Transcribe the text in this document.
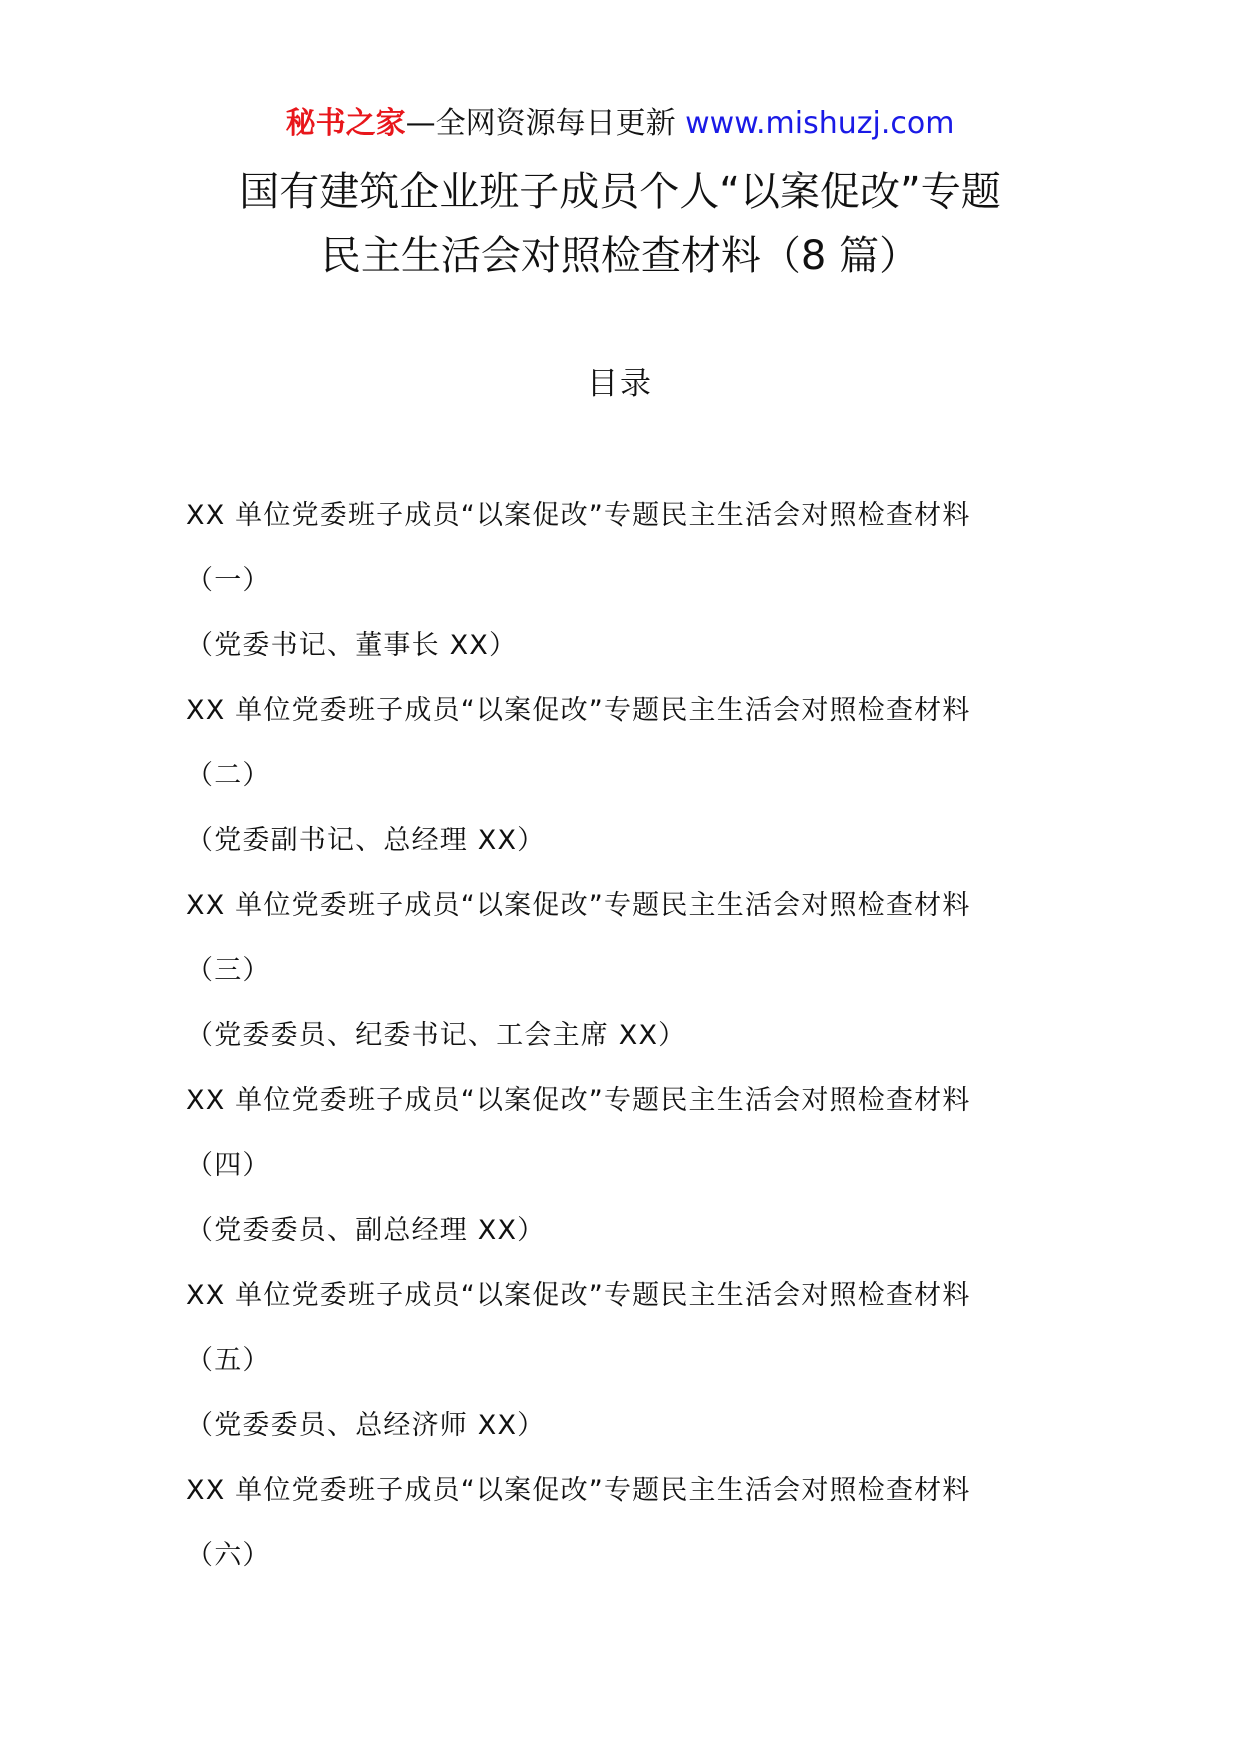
秘书之家—全网资源每日更新 www.mishuzj.com
国有建筑企业班子成员个人“以案促改”专题
民主生活会对照检查材料（8 篇）
目录
XX 单位党委班子成员“以案促改”专题民主生活会对照检查材料
（一）
（党委书记、董事长 XX）
XX 单位党委班子成员“以案促改”专题民主生活会对照检查材料
（二）
（党委副书记、总经理 XX）
XX 单位党委班子成员“以案促改”专题民主生活会对照检查材料
（三）
（党委委员、纪委书记、工会主席 XX）
XX 单位党委班子成员“以案促改”专题民主生活会对照检查材料
（四）
（党委委员、副总经理 XX）
XX 单位党委班子成员“以案促改”专题民主生活会对照检查材料
（五）
（党委委员、总经济师 XX）
XX 单位党委班子成员“以案促改”专题民主生活会对照检查材料
（六）
